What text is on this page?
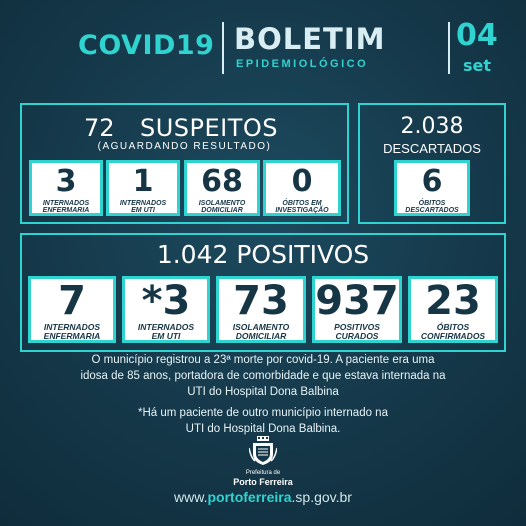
COVID19 BOLETIM
EPIDEMIOLÓGICO
04
set
72 SUSPEITOS
(AGUARDANDO RESULTADO)
3
INTERNADOS
ENFERMARIA
1
INTERNADOS
EM UTI
68
ISOLAMENTO
DOMICILIAR
0
ÓBITOS EM
INVESTIGAÇÃO
2.038
DESCARTADOS
6
ÓBITOS
DESCARTADOS
1.042 POSITIVOS
7
INTERNADOS
ENFERMARIA
*3
INTERNADOS
EM UTI
73
ISOLAMENTO
DOMICILIAR
937
POSITIVOS
CURADOS
23
ÓBITOS
CONFIRMADOS
O município registrou a 23ª morte por covid-19. A paciente era uma
idosa de 85 anos, portadora de comorbidade e que estava internada na
UTI do Hospital Dona Balbina
*Há um paciente de outro município internado na
UTI do Hospital Dona Balbina.
Prefeitura de
Porto Ferreira
www.portoferreira.sp.gov.br
